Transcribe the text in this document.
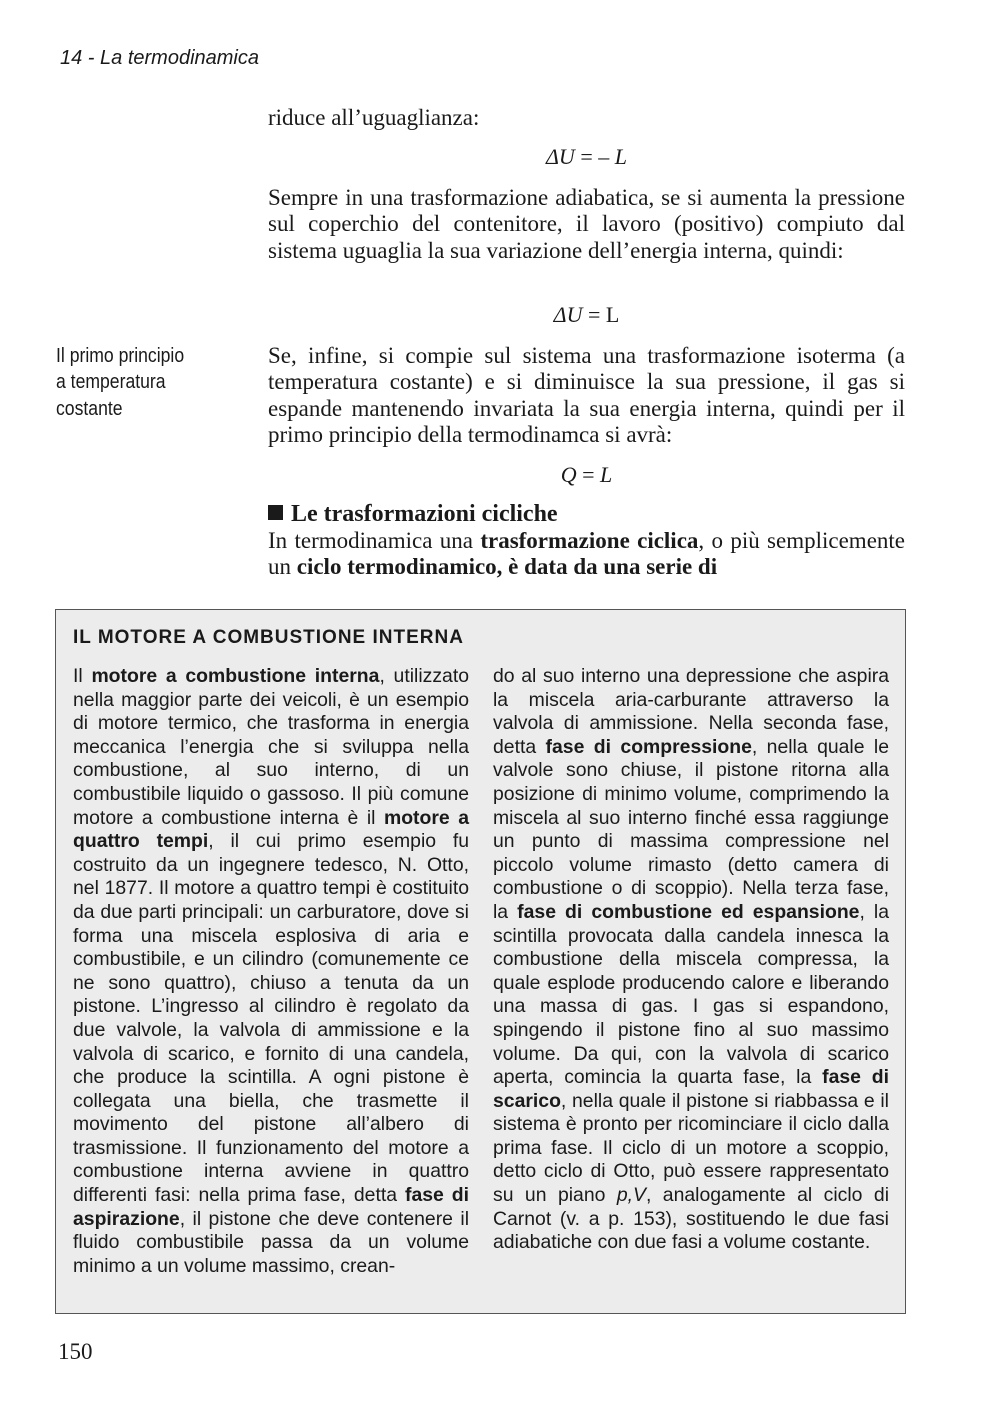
14 - La termodinamica

riduce all’uguaglianza:

ΔU = – L

Sempre in una trasformazione adiabatica, se si aumenta la pressione sul coperchio del contenitore, il lavoro (positivo) compiuto dal sistema uguaglia la sua variazione dell’energia interna, quindi:

ΔU = L
Il primo principio
a temperatura
costante

Se, infine, si compie sul sistema una trasformazione isoterma (a temperatura costante) e si diminuisce la sua pressione, il gas si espande mantenendo invariata la sua energia interna, quindi per il primo principio della termodinamca si avrà:

Q = L
Le trasformazioni cicliche

In termodinamica una trasformazione ciclica, o più semplicemente un ciclo termodinamico, è data da una serie di

IL MOTORE A COMBUSTIONE INTERNA
Il motore a combustione interna, utilizzato nella maggior parte dei veicoli, è un esempio di motore termico, che trasforma in energia meccanica l’energia che si sviluppa nella combustione, al suo interno, di un combustibile liquido o gassoso. Il più comune motore a combustione interna è il motore a quattro tempi, il cui primo esempio fu costruito da un ingegnere tedesco, N. Otto, nel 1877. Il motore a quattro tempi è costituito da due parti principali: un carburatore, dove si forma una miscela esplosiva di aria e combustibile, e un cilindro (comunemente ce ne sono quattro), chiuso a tenuta da un pistone. L’ingresso al cilindro è regolato da due valvole, la valvola di ammissione e la valvola di scarico, e fornito di una candela, che produce la scintilla. A ogni pistone è collegata una biella, che trasmette il movimento del pistone all’albero di trasmissione. Il funzionamento del motore a combustione interna avviene in quattro differenti fasi: nella prima fase, detta fase di aspirazione, il pistone che deve contenere il fluido combustibile passa da un volume minimo a un volume massimo, crean-
do al suo interno una depressione che aspira la miscela aria-carburante attraverso la valvola di ammissione. Nella seconda fase, detta fase di compressione, nella quale le valvole sono chiuse, il pistone ritorna alla posizione di minimo volume, comprimendo la miscela al suo interno finché essa raggiunge un punto di massima compressione nel piccolo volume rimasto (detto camera di combustione o di scoppio). Nella terza fase, la fase di combustione ed espansione, la scintilla provocata dalla candela innesca la combustione della miscela compressa, la quale esplode producendo calore e liberando una massa di gas. I gas si espandono, spingendo il pistone fino al suo massimo volume. Da qui, con la valvola di scarico aperta, comincia la quarta fase, la fase di scarico, nella quale il pistone si riabbassa e il sistema è pronto per ricominciare il ciclo dalla prima fase. Il ciclo di un motore a scoppio, detto ciclo di Otto, può essere rappresentato su un piano p,V, analogamente al ciclo di Carnot (v. a p. 153), sostituendo le due fasi adiabatiche con due fasi a volume costante.
150
